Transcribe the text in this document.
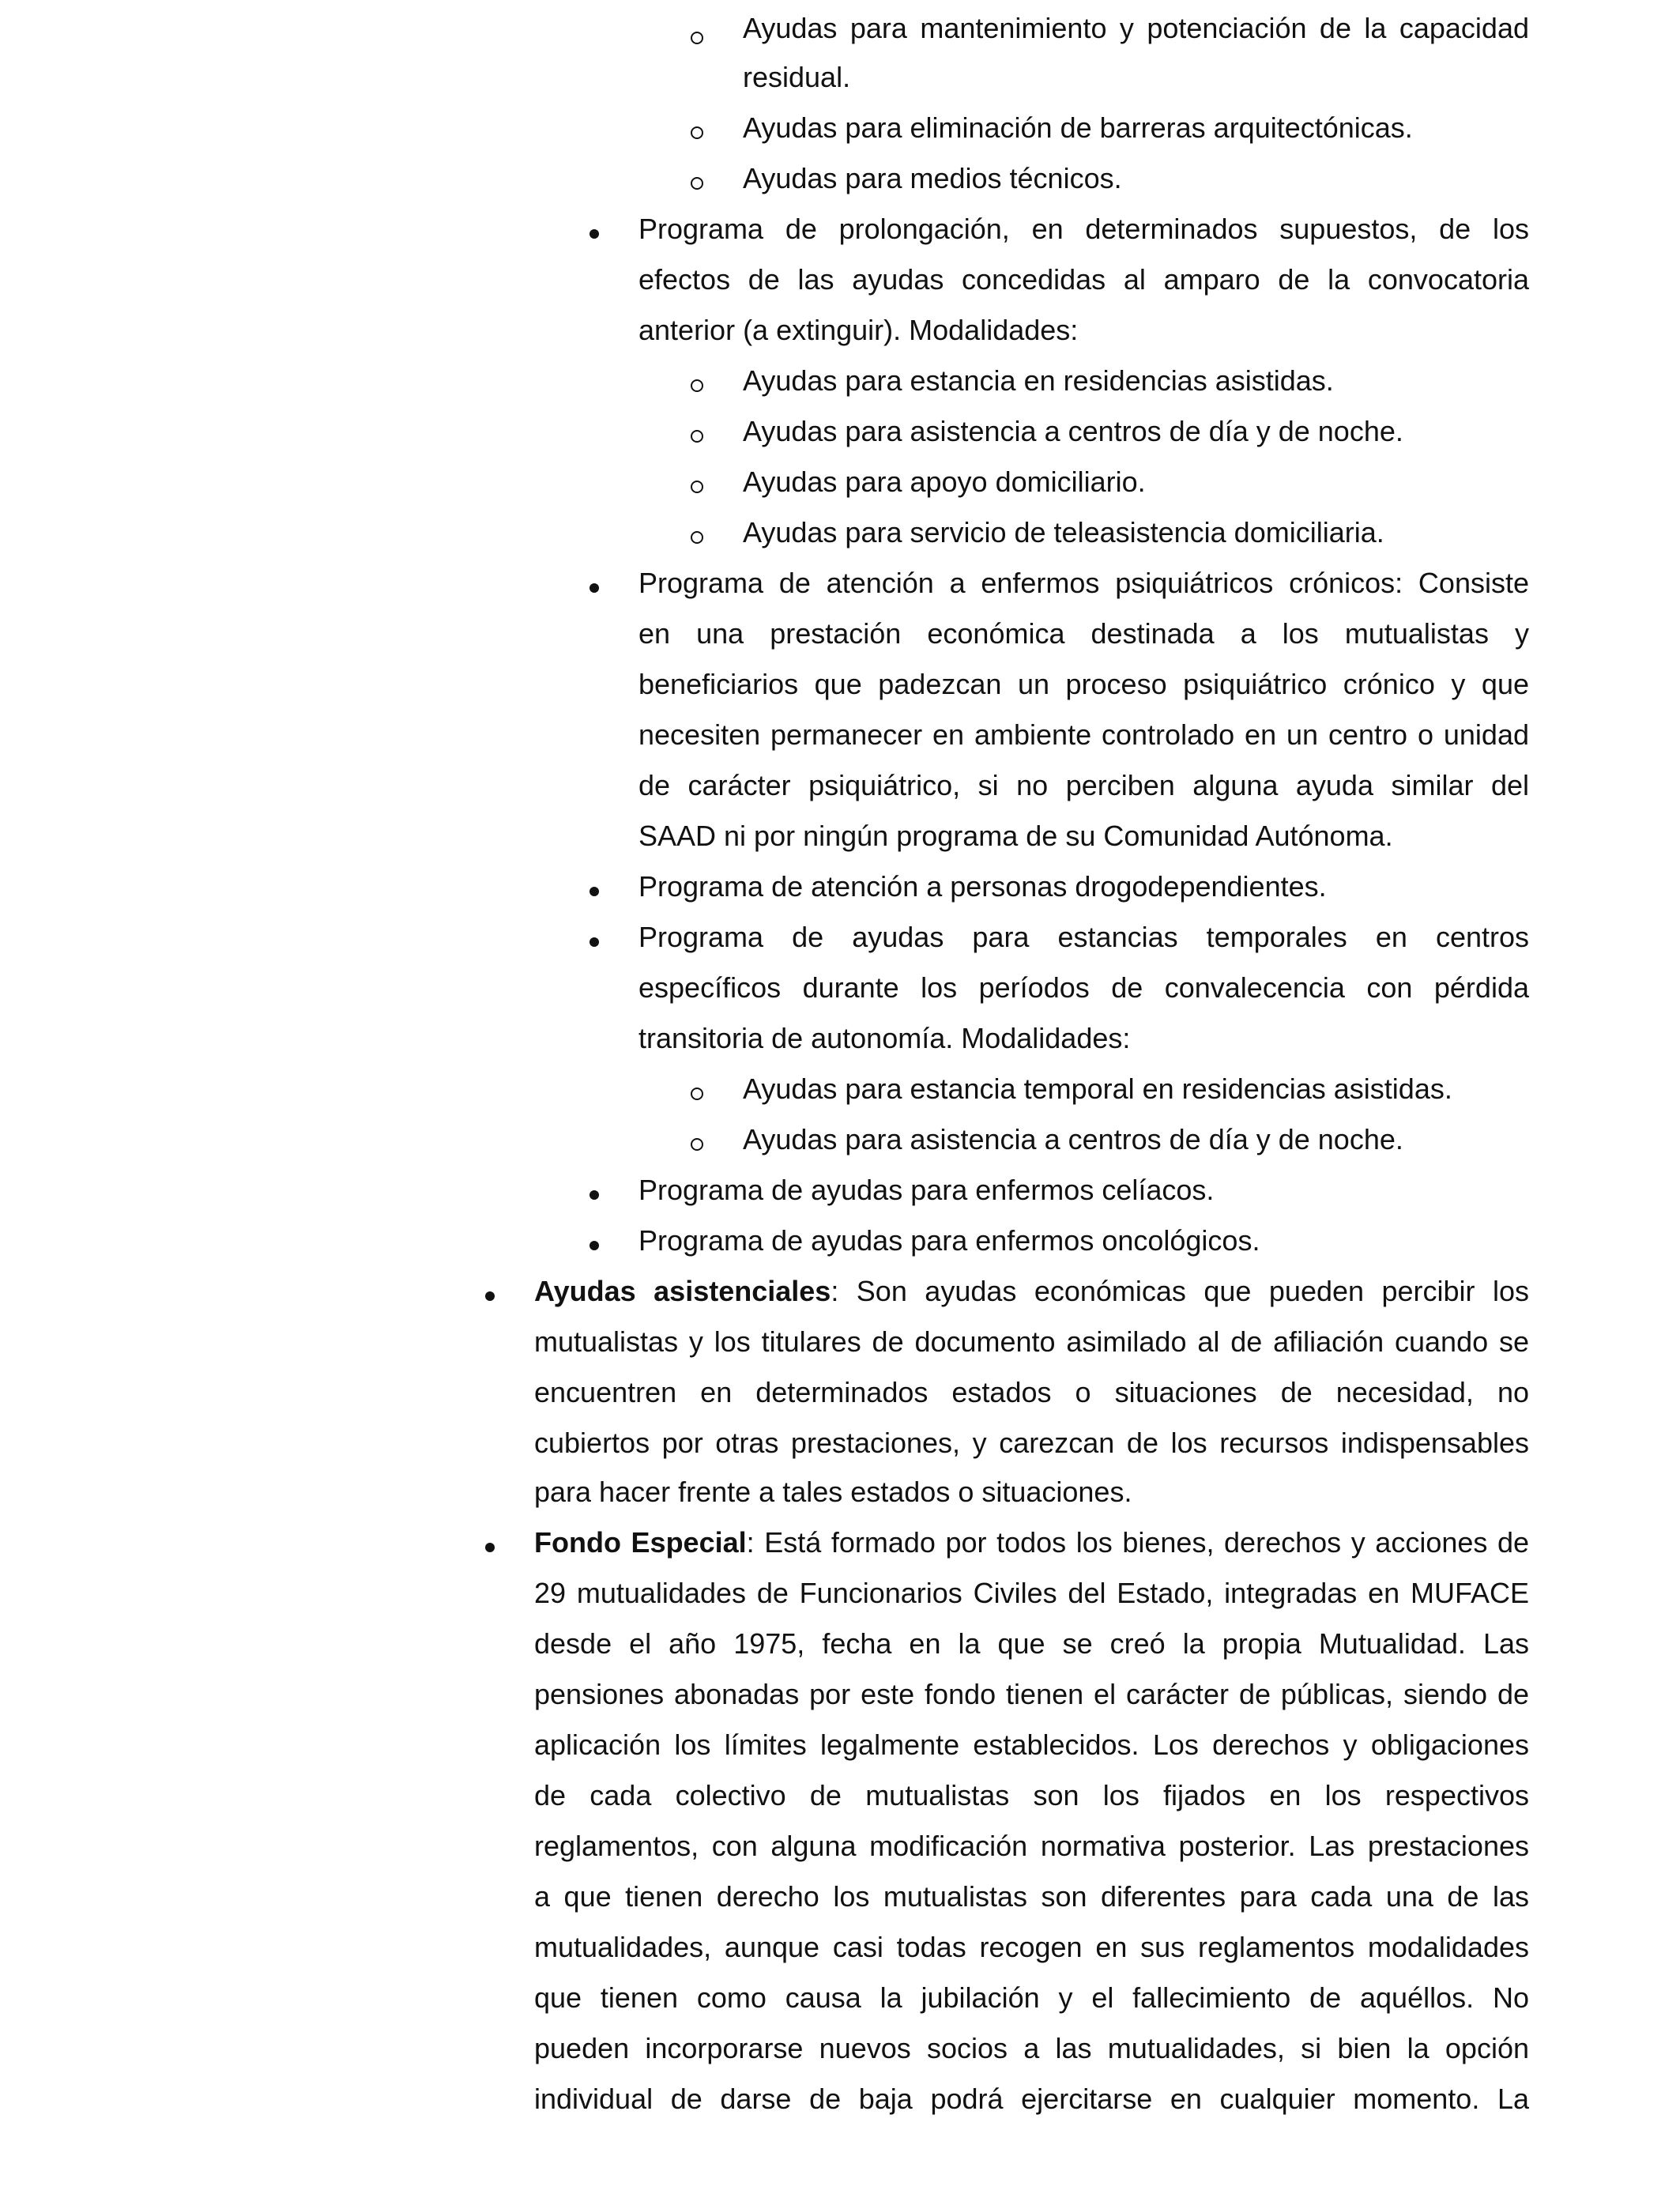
Ayudas para mantenimiento y potenciación de la capacidad
residual.
Ayudas para eliminación de barreras arquitectónicas.
Ayudas para medios técnicos.
Programa de prolongación, en determinados supuestos, de los
efectos de las ayudas concedidas al amparo de la convocatoria
anterior (a extinguir). Modalidades:
Ayudas para estancia en residencias asistidas.
Ayudas para asistencia a centros de día y de noche.
Ayudas para apoyo domiciliario.
Ayudas para servicio de teleasistencia domiciliaria.
Programa de atención a enfermos psiquiátricos crónicos: Consiste
en una prestación económica destinada a los mutualistas y
beneficiarios que padezcan un proceso psiquiátrico crónico y que
necesiten permanecer en ambiente controlado en un centro o unidad
de carácter psiquiátrico, si no perciben alguna ayuda similar del
SAAD ni por ningún programa de su Comunidad Autónoma.
Programa de atención a personas drogodependientes.
Programa de ayudas para estancias temporales en centros
específicos durante los períodos de convalecencia con pérdida
transitoria de autonomía. Modalidades:
Ayudas para estancia temporal en residencias asistidas.
Ayudas para asistencia a centros de día y de noche.
Programa de ayudas para enfermos celíacos.
Programa de ayudas para enfermos oncológicos.
Ayudas asistenciales: Son ayudas económicas que pueden percibir los
mutualistas y los titulares de documento asimilado al de afiliación cuando se
encuentren en determinados estados o situaciones de necesidad, no
cubiertos por otras prestaciones, y carezcan de los recursos indispensables
para hacer frente a tales estados o situaciones.
Fondo Especial: Está formado por todos los bienes, derechos y acciones de
29 mutualidades de Funcionarios Civiles del Estado, integradas en MUFACE
desde el año 1975, fecha en la que se creó la propia Mutualidad. Las
pensiones abonadas por este fondo tienen el carácter de públicas, siendo de
aplicación los límites legalmente establecidos. Los derechos y obligaciones
de cada colectivo de mutualistas son los fijados en los respectivos
reglamentos, con alguna modificación normativa posterior. Las prestaciones
a que tienen derecho los mutualistas son diferentes para cada una de las
mutualidades, aunque casi todas recogen en sus reglamentos modalidades
que tienen como causa la jubilación y el fallecimiento de aquéllos. No
pueden incorporarse nuevos socios a las mutualidades, si bien la opción
individual de darse de baja podrá ejercitarse en cualquier momento. La
